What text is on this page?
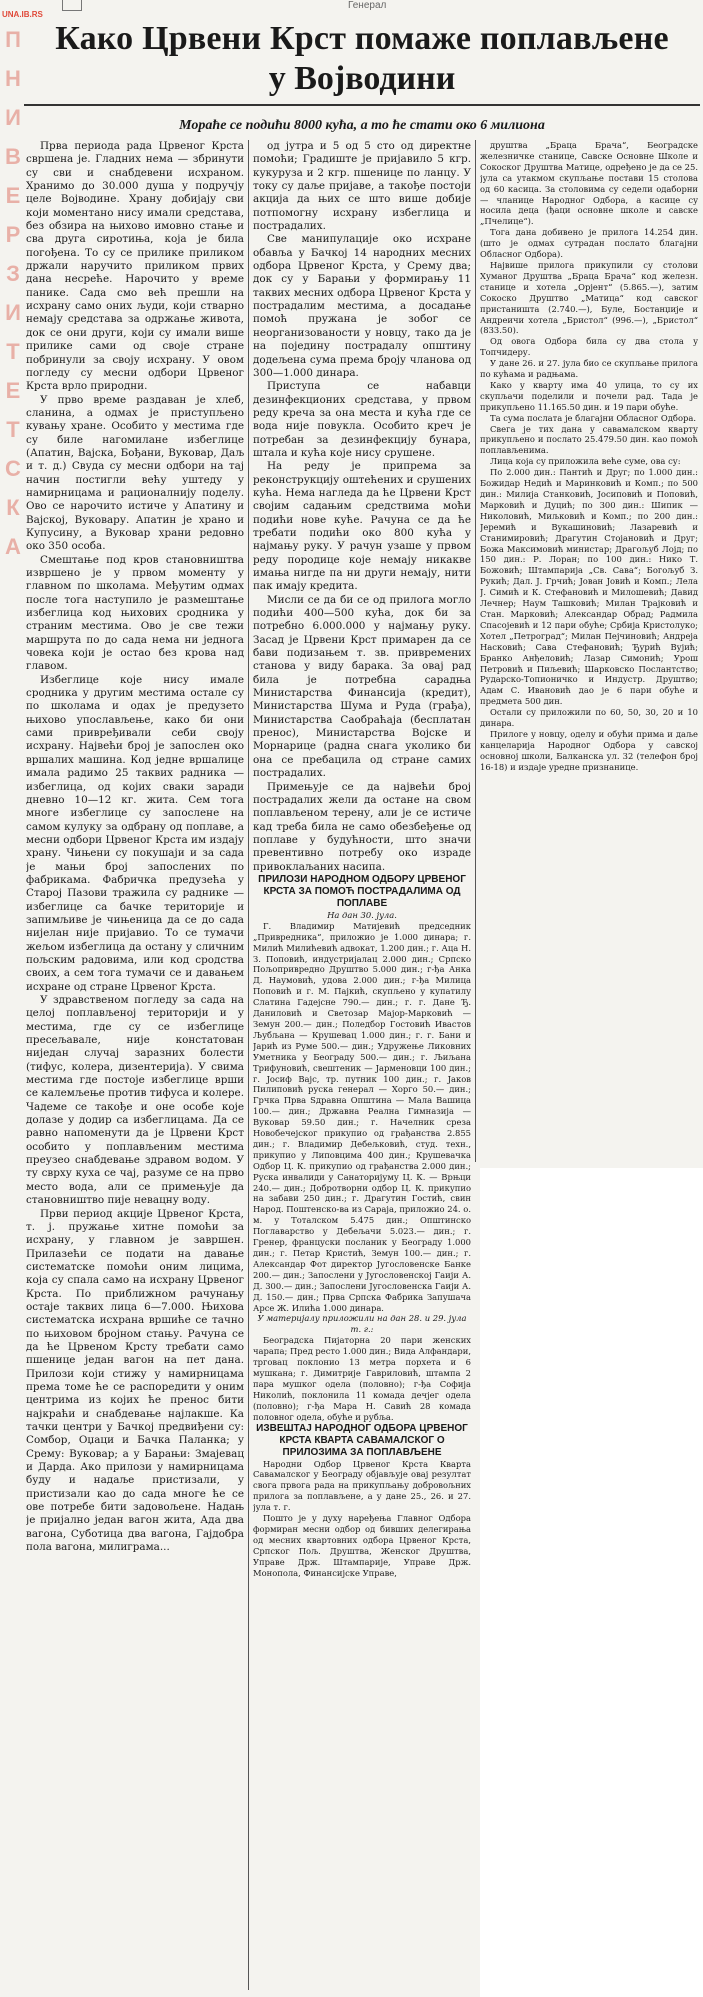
UNA.IB.RS
Генерал
П
Н
И
В
Е
Р
З
И
Т
Е
Т
С
К
А
Како Црвени Крст помаже поплављене
у Војводини
Мораће се подићи 8000 кућа, а то ће стати око 6 милиона

Прва периода рада Црвеног Крста свршена је. Гладних нема — збринути су сви и снабдевени исхраном. Хранимо до 30.000 душа у подручју целе Војводине. Храну добијају сви који моментано нису имали средстава, без обзира на њихово имовно стање и сва друга сиротиња, која је била погођена. То су се прилике приликом држали наручито приликом првих дана несреће. Нарочито у време панике. Сада смо већ прешли на исхрану само оних људи, који стварно немају средстава за одржање живота, док се они други, који су имали више прилике сами од своје стране побринули за своју исхрану. У овом погледу су месни одбори Црвеног Крста врло природни.

У прво време раздаван је хлеб, сланина, а одмах је приступљено кувању хране. Особито у местима где су биле нагомилане избеглице (Апатин, Вајска, Бођани, Вуковар, Даљ и т. д.) Свуда су месни одбори на тај начин постигли већу уштеду у намирницама и рационалнију поделу. Ово се нарочито истиче у Апатину и Вајској, Вуковару. Апатин је храно и Купусину, а Вуковар храни редовно око 350 особа.

Смештање под кров становништва извршено је у првом моменту у главном по школама. Међутим одмах после тога наступило је размештање избеглица код њихових сродника у страним местима. Ово је све тежи маршрута по до сада нема ни једнога човека који је остао без крова над главом.

Избеглице које нису имале сродника у другим местима остале су по школама и одах је предузето њихово упослављење, како би они сами привређивали себи своју исхрану. Највећи број је запослен око вршалих машина. Код једне вршалице имала радимо 25 таквих радника — избеглица, од којих сваки заради дневно 10—12 кг. жита. Сем тога многе избеглице су запослене на самом кулуку за одбрану од поплаве, а месни одбори Црвеног Крста им издају храну. Чињени су покушаји и за сада је мањи број запослених по фабрикама. Фабричка предузећа у Старој Пазови тражила су раднике — избеглице са бачке територије и запимљиве је чињеница да се до сада нијелан није пријавио. То се тумачи жељом избеглица да остану у сличним пољским радовима, или код сродства своих, а сем тога тумачи се и давањем исхране од стране Црвеног Крста.

У здравственом погледу за сада на целој поплављеној територији и у местима, где су се избеглице пресељавале, није констатован ниједан случај заразних болести (тифус, колера, дизентерија). У свима местима где постоје избеглице врши се калемљење против тифуса и колере. Чадеме се такође и оне особе које долазе у додир са избеглицама. Да се равно напоменути да је Црвени Крст особито у поплављеним местима преузео снабдевање здравом водом. У ту сврху куха се чај, разуме се на прво место вода, али се примењује да становништво пије невацну воду.

Први период акције Црвеног Крста, т. ј. пружање хитне помоћи за исхрану, у главном је завршен. Прилазећи се подати на давање систематске помоћи оним лицима, која су спала само на исхрану Црвеног Крста. По приближном рачунању остаје таквих лица 6—7.000. Њихова систематска исхрана вршиће се тачно по њиховом бројном стању. Рачуна се да ће Црвеном Крсту требати само пшенице један вагон на пет дана. Прилози који стижу у намирницама према томе ће се распоредити у оним центрима из којих ће пренос бити најкраћи и снабдевање најлакше. Ка тачки центри у Бачкој предвиђени су: Сомбор, Оџаци и Бачка Паланка; у Срему: Вуковар; а у Барањи: Змајевац и Дарда. Ако прилози у намирницама буду и надаље пристизали, у пристизали као до сада многе ће се ове потребе бити задовољене. Надањ је пријално један вагон жита, Ада два вагона, Суботица два вагона, Гајдобра пола вагона, милиграма...

од јутра и 5 од 5 сто од директне помоћи; Градиште је пријавило 5 кгр. кукуруза и 2 кгр. пшенице по ланцу. У току су даље пријаве, а такође постоји акција да њих се што више добије потпомогну исхрану избеглица и пострадалих.

Све манипулације око исхране обавља у Бачкој 14 народних месних одбора Црвеног Крста, у Срему два; док су у Барањи у формирању 11 таквих месних одбора Црвеног Крста у пострадалим местима, а досадање помоћ пружана је зобог се неорганизованости у новцу, тако да је на поједину пострадалу општину додељена сума према броју чланова од 300—1.000 динара.

Приступа се набавци дезинфекционих средстава, у првом реду креча за она места и кућа где се вода није повукла. Особито креч је потребан за дезинфекцију бунара, штала и кућа које нису срушене.

На реду је припрема за реконструкцију оштећених и срушених кућа. Нема нагледа да ће Црвени Крст својим садањим средствима моћи подићи нове куће. Рачуна се да ће требати подићи око 800 кућа у најмању руку. У рачун узаше у првом реду породице које немају никакве имања нигде па ни други немају, нити пак имају кредита.

Мисли се да би се од прилога могло подићи 400—500 кућа, док би за потребно 6.000.000 у најмању руку. Засад је Црвени Крст примарен да се бави подизањем т. зв. привремених станова у виду барака. За овај рад била је потребна сарадња Министарства Финансија (кредит), Министарства Шума и Руда (грађа), Министарства Саобраћаја (бесплатан пренос), Министарства Војске и Морнарице (радна снага уколико би она се пребацила од стране самих пострадалих.

Примењује се да највећи број пострадалих жели да остане на свом поплављеном терену, али је се истиче кад треба била не само обезбеђење од поплаве у будућности, што значи превентивно потребу око израде привоклаљаних насипа.

ПРИЛОЗИ НАРОДНОМ ОДБОРУ ЦРВЕНОГ КРСТА ЗА ПОМОЋ ПОСТРАДАЛИМА ОД ПОПЛАВЕ

На дан 30. јула.

Г. Владимир Матијевић председник „Привредника“, приложио је 1.000 динара; г. Милић Милићевић адвокат, 1.200 дин.; г. Аца Н. З. Поповић, индустријалац 2.000 дин.; Српско Пољопривредно Друштво 5.000 дин.; г-ђа Анка Д. Наумовић, удова 2.000 дин.; г-ђа Милица Пoповић и г. М. Пајкић, скупљено у купатилу Слатина Гадејсне 790.— дин.; г. г. Дане Ђ. Даниловић и Светозар Мајор-Марковић — Земун 200.— дин.; Поледбор Гостовић Ивастов Љубљана — Крушевац 1.000 дин.; г. г. Бани и Јарић из Руме 500.— дин.; Удружење Ликовних Уметника у Београду 500.— дин.; г. Љиљана Трифуновић, свештеник — Јарменовци 100 дин.; г. Јосиф Вајс, тр. путник 100 дин.; г. Јаков Пилиповић рускa генерал — Хорго 50.— дин.; Грчка Прва Ѕдравна Општина — Мала Вашица 100.— дин.; Државна Реална Гимназија — Вуковар 59.50 дин.; г. Начелник среза Новобечејског прикупио од грађанства 2.855 дин.; г. Владимир Дебељковић, студ. техн., прикупио у Липовцима 400 дин.; Крушевачка Одбор Ц. К. прикупио од грађанства 2.000 дин.; Руска инвалиди у Санаторијуму Ц. К. — Врњци 240.— дин.; Добротворни одбор Ц. К. прикупио на забави 250 дин.; г. Драгутин Гостић, свин Народ. Поштенско-ва из Сараја, приложио 24. о. м. у Тоталском 5.475 дин.; Општинско Поглаварство у Дебељачи 5.023.— дин.; г. Гренер, француски посланик у Београду 1.000 дин.; г. Петар Кристић, Земун 100.— дин.; г. Александар Фот директор Југословенске Банке 200.— дин.; Запослени у Југословенској Гаији А. Д. 300.— дин.; Запослени Југословенска Гаији А. Д. 150.— дин.; Прва Српска Фабрика Запушача Арсе Ж. Илића 1.000 динара.

У материјалу приложили на дан 28. и 29. јула т. г.:

Београдска Пијаторна 20 пари женских чарапа; Пред ресто 1.000 дин.; Вида Алфандари, трговац поклонио 13 метра порхета и 6 мушкана; г. Димитрије Гавриловић, штампа 2 пара мушког одела (половно); г-ђа Софија Николић, поклонила 11 комада дечјег одела (половно); г-ђа Мара Н. Савић 28 комада половног одела, обуће и рубља.

ИЗВЕШТАЈ НАРОДНОГ ОДБОРА ЦРВЕНОГ КРСТА КВАРТА САВАМАЛСКОГ О ПРИЛОЗИМА ЗА ПОПЛАВЉЕНЕ

Народни Одбор Црвеног Крста Кварта Савамалског у Београду објављује овај резултат свога првога рада на прикупљању добровољних прилога за поплављене, а у дане 25., 26. и 27. јула т. г.

Пошто је у духу наређења Главног Одбора формиран месни одбор од бивших делегирања од месних квартовних одбора Црвеног Крста, Српског Пољ. Друштва, Женског Друштва, Управе Држ. Штампарије, Управе Држ. Монопола, Финансијске Управе,

друштва „Браца Брача“, Београдске железничке станице, Савске Основне Школе и Сокоског Друштва Матице, одређено је да се 25. јула са утакмом скупљање постави 15 столова од 60 касица. За столовима су седели одаборни — чланице Народног Одбора, а касице су носила деца (ђаци основне школе и савске „Пчелице“).

Тога дана добивено је прилога 14.254 дин. (што је одмах сутрадан послато благајни Обласног Одбора).

Највише прилога прикупили су столови Хуманог Друштва „Браца Брача“ код железн. станице и хотела „Орјент“ (5.865.—), затим Сокоско Друштво „Матица“ код савског пристаништа (2.740.—), Буле, Бостанџије и Андреичи хотела „Бристол“ (996.—), „Бристол“ (833.50).

Од овога Одбора била су два стола у Топчидеру.

У дане 26. и 27. јула био се скупљање прилога по кућама и радњама.

Како у кварту има 40 улица, то су их скупљачи поделили и почели рад. Тада је прикупљено 11.165.50 дин. и 19 пари обуће.

Та сума послата је благајни Обласног Одбора.

Свега је тих дана у савамалском кварту прикупљено и послато 25.479.50 дин. као помоћ поплављенима.

Лица која су приложила веће суме, ова су:

По 2.000 дин.: Пантић и Друг; по 1.000 дин.: Божидар Недић и Маринковић и Комп.; по 500 дин.: Милија Станковић, Јосиповић и Поповић, Марковић и Дуцић; по 300 дин.: Шипик — Николовић, Миљковић и Комп.; по 200 дин.: Јеремић и Вукашиновић; Лазаревић и Станимировић; Драгутин Стојановић и Друг; Божа Максимовић министар; Драгољуб Лојд; по 150 дин.: Р. Лоран; по 100 дин.: Нико Т. Божовић; Штампарија „Св. Сава“; Богољуб З. Рукић; Дал. Ј. Грчић; Јован Јовић и Комп.; Лела Ј. Симић и К. Стефановић и Милошевић; Давид Лечнер; Наум Ташковић; Милан Трајковић и Стан. Марковић; Александар Обрад; Радмила Спасојевић и 12 пари обуће; Србија Кристолуко; Хотел „Петроград“; Милан Пејчиновић; Андреја Насковић; Сава Стефановић; Ђурић Вујић; Бранко Анђеловић; Лазар Симонић; Урош Петровић и Пиљевић; Шарковско Послантство; Рударско-Топионичко и Индустр. Друштво; Адам С. Ивановић дао је 6 пари обуће и предмета 500 дин.

Остали су приложили по 60, 50, 30, 20 и 10 динара.

Прилоге у новцу, оделу и обући прима и даље канцеларија Народног Одбора у савској основној школи, Балканска ул. 32 (телефон број 16-18) и издаје уредне признанице.
